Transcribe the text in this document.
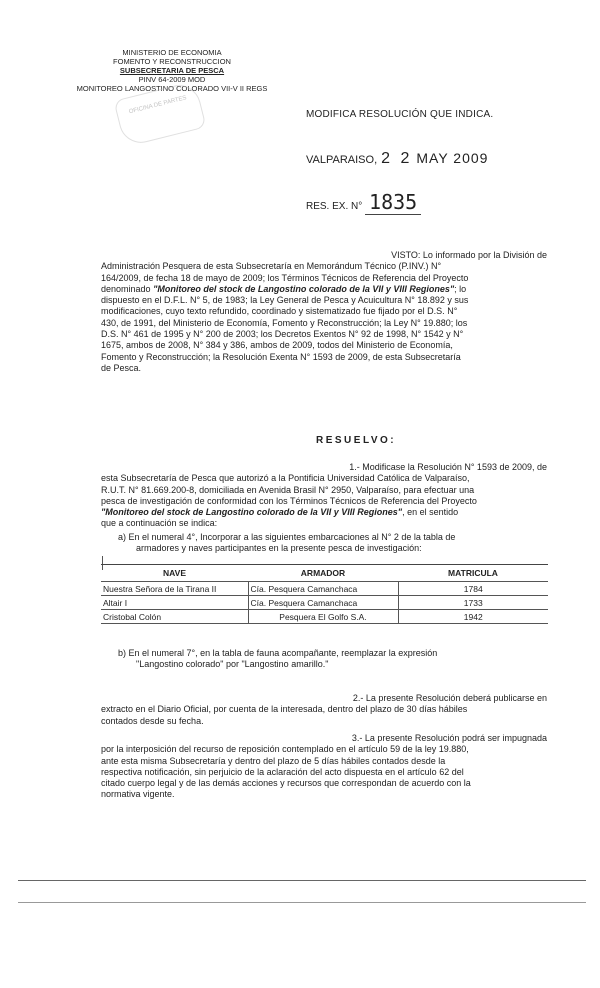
MINISTERIO DE ECONOMIA
FOMENTO Y RECONSTRUCCION
SUBSECRETARIA DE PESCA
PINV 64-2009 MOD
MONITOREO LANGOSTINO COLORADO VII-V II REGS
OFICINA DE PARTES	MODIFICA RESOLUCIÓN QUE INDICA.
VALPARAISO, 2 2 MAY 2009
RES. EX. N° 1835
VISTO: Lo informado por la División de
Administración Pesquera de esta Subsecretaría en Memorándum Técnico (P.INV.) N°
164/2009, de fecha 18 de mayo de 2009; los Términos Técnicos de Referencia del Proyecto
denominado "Monitoreo del stock de Langostino colorado de la VII y VIII Regiones"; lo
dispuesto en el D.F.L. N° 5, de 1983; la Ley General de Pesca y Acuicultura N° 18.892 y sus
modificaciones, cuyo texto refundido, coordinado y sistematizado fue fijado por el D.S. N°
430, de 1991, del Ministerio de Economía, Fomento y Reconstrucción; la Ley N° 19.880; los
D.S. N° 461 de 1995 y N° 200 de 2003; los Decretos Exentos N° 92 de 1998, N° 1542 y N°
1675, ambos de 2008, N° 384 y 386, ambos de 2009, todos del Ministerio de Economía,
Fomento y Reconstrucción; la Resolución Exenta N° 1593 de 2009, de esta Subsecretaría
de Pesca.
RESUELVO:
1.- Modificase la Resolución N° 1593 de 2009, de
esta Subsecretaría de Pesca que autorizó a la Pontificia Universidad Católica de Valparaíso,
R.U.T. N° 81.669.200-8, domiciliada en Avenida Brasil N° 2950, Valparaíso, para efectuar una
pesca de investigación de conformidad con los Términos Técnicos de Referencia del Proyecto
"Monitoreo del stock de Langostino colorado de la VII y VIII Regiones", en el sentido
que a continuación se indica:
a) En el numeral 4°, Incorporar a las siguientes embarcaciones al N° 2 de la tabla de
armadores y naves participantes en la presente pesca de investigación:
NAVE	ARMADOR	MATRICULA
Nuestra Señora de la Tirana II	Cía. Pesquera Camanchaca	1784
Altair I	Cía. Pesquera Camanchaca	1733
Cristobal Colón	Pesquera El Golfo S.A.	1942
b) En el numeral 7°, en la tabla de fauna acompañante, reemplazar la expresión
"Langostino colorado" por "Langostino amarillo."
2.- La presente Resolución deberá publicarse en
extracto en el Diario Oficial, por cuenta de la interesada, dentro del plazo de 30 días hábiles
contados desde su fecha.
3.- La presente Resolución podrá ser impugnada
por la interposición del recurso de reposición contemplado en el artículo 59 de la ley 19.880,
ante esta misma Subsecretaría y dentro del plazo de 5 días hábiles contados desde la
respectiva notificación, sin perjuicio de la aclaración del acto dispuesta en el artículo 62 del
citado cuerpo legal y de las demás acciones y recursos que correspondan de acuerdo con la
normativa vigente.
